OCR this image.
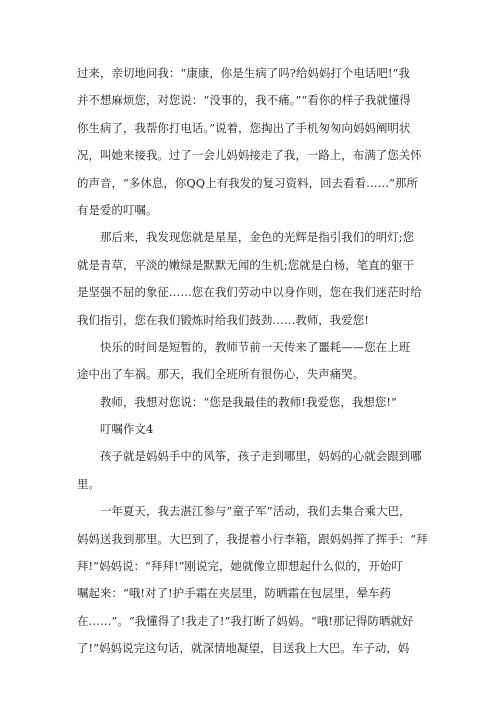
过来，亲切地问我：“康康，你是生病了吗?给妈妈打个电话吧!”我
并不想麻烦您，对您说：“没事的，我不痛。”“看你的样子我就懂得
你生病了，我帮你打电话。”说着，您掏出了手机匆匆向妈妈阐明状
况，叫她来接我。过了一会儿妈妈接走了我，一路上，布满了您关怀
的声音，“多休息，你QQ上有我发的复习资料，回去看看……”那所
有是爱的叮嘱。
那后来，我发现您就是星星，金色的光辉是指引我们的明灯;您
就是青草，平淡的嫩绿是默默无闻的生机;您就是白杨，笔直的躯干
是坚强不屈的象征……您在我们劳动中以身作则，您在我们迷茫时给
我们指引，您在我们锻炼时给我们鼓劲……教师，我爱您!
快乐的时间是短暂的，教师节前一天传来了噩耗——您在上班
途中出了车祸。那天，我们全班所有很伤心，失声痛哭。
教师，我想对您说：“您是我最佳的教师!我爱您，我想您!”
叮嘱作文4
孩子就是妈妈手中的风筝，孩子走到哪里，妈妈的心就会跟到哪
里。
一年夏天，我去湛江参与“童子军”活动，我们去集合乘大巴，
妈妈送我到那里。大巴到了，我提着小行李箱，跟妈妈挥了挥手：“拜
拜!”妈妈说：“拜拜!”刚说完，她就像立即想起什么似的，开始叮
嘱起来：“哦!对了!护手霜在夹层里，防晒霜在包层里，晕车药
在……”。“我懂得了!我走了!”我打断了妈妈。“哦!那记得防晒就好
了!”妈妈说完这句话，就深情地凝望，目送我上大巴。车子动，妈
